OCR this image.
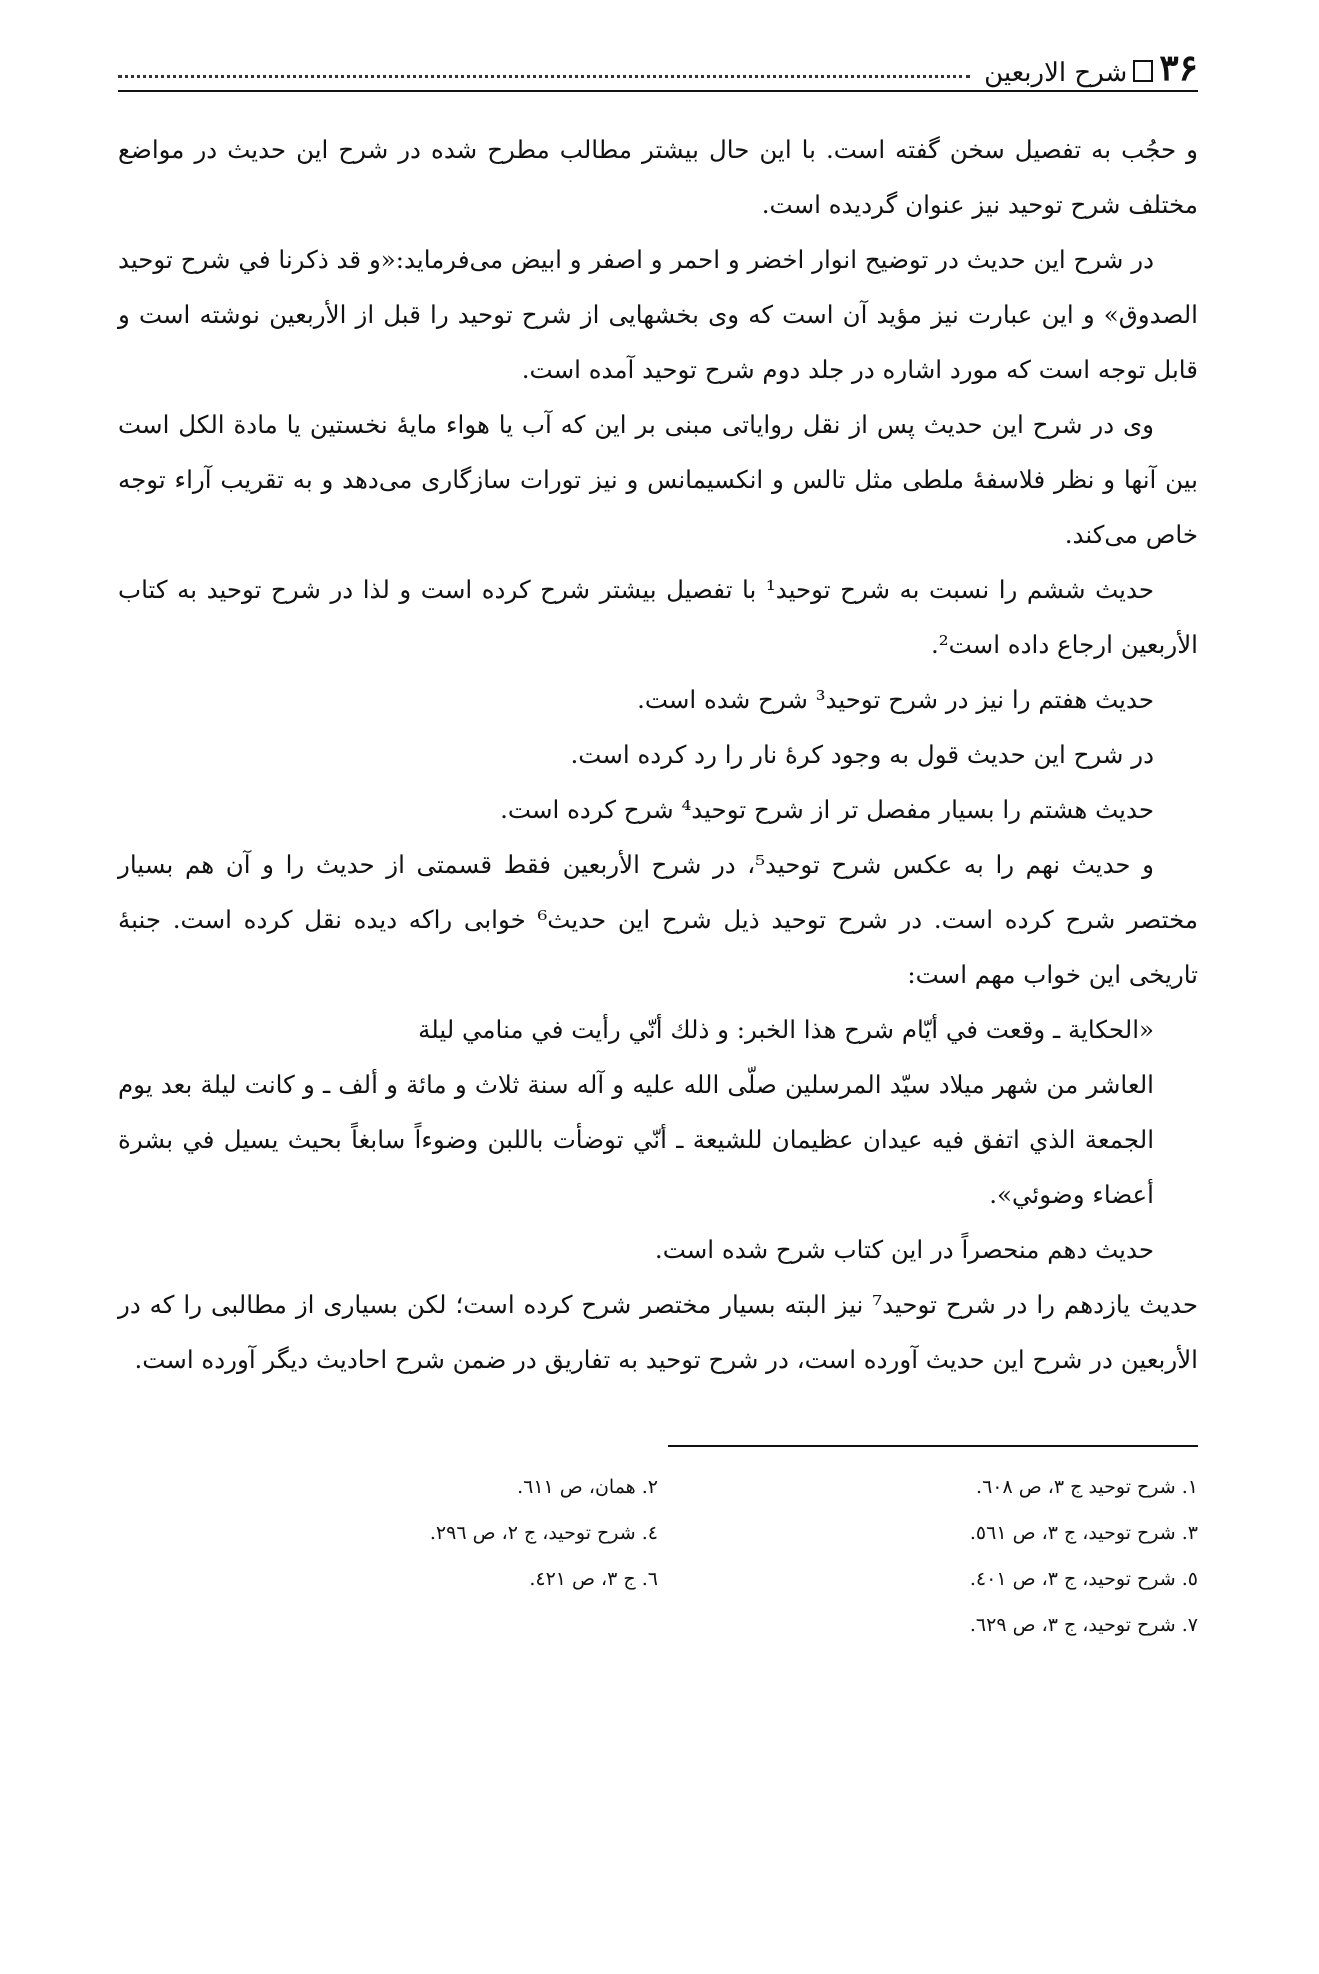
۳۶
شرح الاربعين

و حجُب به تفصیل سخن گفته است. با این حال بیشتر مطالب مطرح شده در شرح این حدیث در مواضع مختلف شرح توحید نیز عنوان گردیده است.

در شرح این حدیث در توضیح انوار اخضر و احمر و اصفر و ابیض می‌فرماید:«و قد ذکرنا في شرح توحید الصدوق» و این عبارت نیز مؤید آن است که وی بخشهایی از شرح توحید را قبل از الأربعین نوشته است و قابل توجه است که مورد اشاره در جلد دوم شرح توحید آمده است.

وی در شرح این حدیث پس از نقل روایاتی مبنی بر این که آب یا هواء مایهٔ نخستین یا مادة الکل است بین آنها و نظر فلاسفهٔ ملطی مثل تالس و انکسیمانس و نیز تورات سازگاری می‌دهد و به تقریب آراء توجه خاص می‌کند.

حدیث ششم را نسبت به شرح توحید¹ با تفصیل بیشتر شرح کرده است و لذا در شرح توحید به کتاب الأربعین ارجاع داده است².

حدیث هفتم را نیز در شرح توحید³ شرح شده است.

در شرح این حدیث قول به وجود کرهٔ نار را رد کرده است.

حدیث هشتم را بسیار مفصل تر از شرح توحید⁴ شرح کرده است.

و حدیث نهم را به عکس شرح توحید⁵، در شرح الأربعین فقط قسمتی از حدیث را و آن هم بسیار مختصر شرح کرده است. در شرح توحید ذیل شرح این حدیث⁶ خوابی راکه دیده نقل کرده است. جنبهٔ تاریخی این خواب مهم است:

«الحکایة ـ وقعت في أيّام شرح هذا الخبر: و ذلك أنّي رأيت في منامي ليلة

العاشر من شهر ميلاد سيّد المرسلين صلّى الله عليه و آله سنة ثلاث و مائة و ألف ـ و كانت ليلة بعد يوم الجمعة الذي اتفق فيه عيدان عظيمان للشيعة ـ أنّي توضأت باللبن وضوءاً سابغاً بحيث يسيل في بشرة أعضاء وضوئي».

حدیث دهم منحصراً در این کتاب شرح شده است.

حدیث یازدهم را در شرح توحید⁷ نیز البته بسیار مختصر شرح کرده است؛ لکن بسیاری از مطالبی را که در الأربعین در شرح این حدیث آورده است، در شرح توحید به تفاریق در ضمن شرح احادیث دیگر آورده است.

١. شرح توحید ج ٣، ص ٦٠٨.
٢. همان، ص ٦١١.
٣. شرح توحید، ج ٣، ص ٥٦١.
٤. شرح توحید، ج ٢، ص ٢٩٦.
٥. شرح توحید، ج ٣، ص ٤٠١.
٦. ج ٣، ص ٤٢١.
٧. شرح توحید، ج ٣، ص ٦٢٩.
